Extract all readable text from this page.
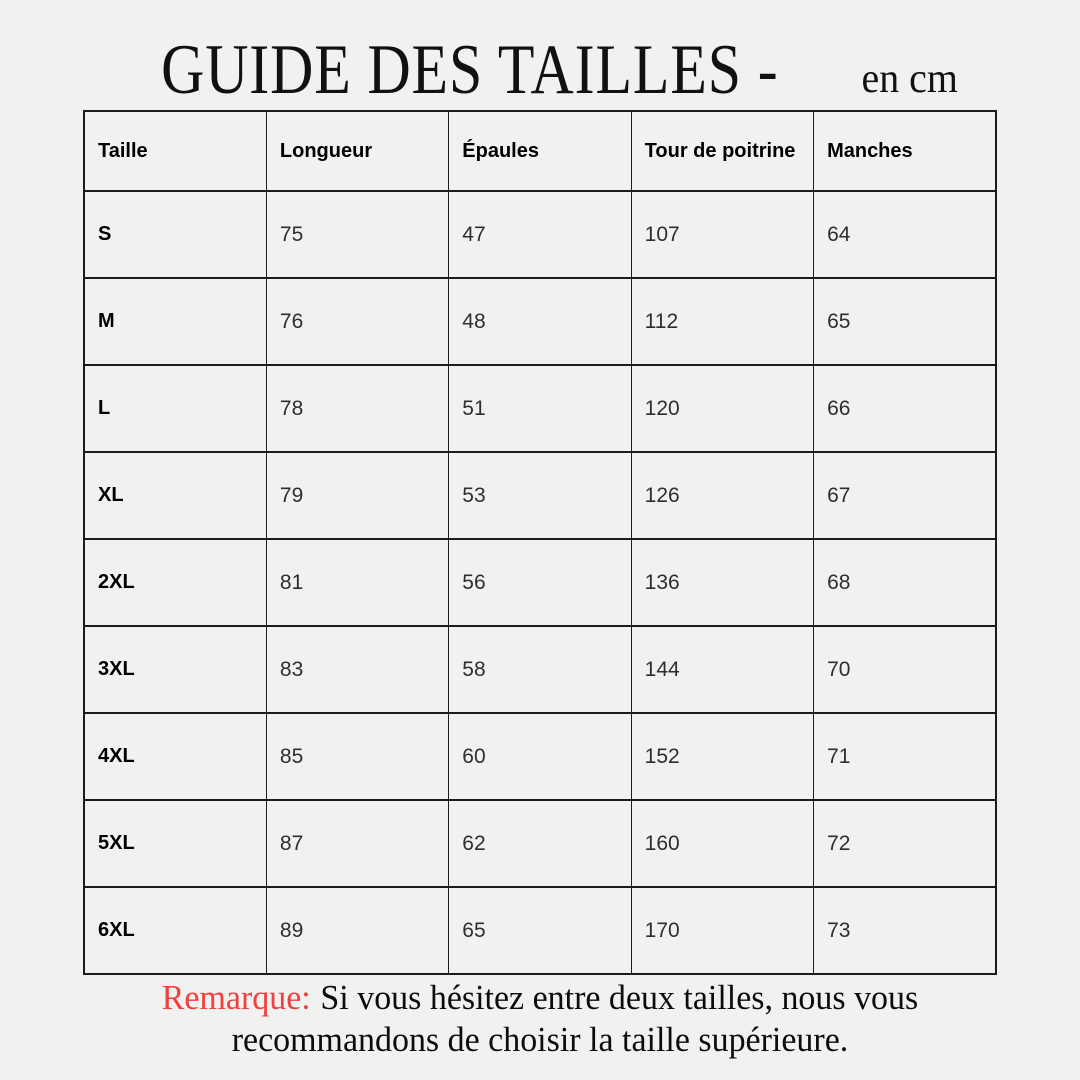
GUIDE DES TAILLES - en cm
Taille	Longueur	Épaules	Tour de poitrine	Manches
S	75	47	107	64
M	76	48	112	65
L	78	51	120	66
XL	79	53	126	67
2XL	81	56	136	68
3XL	83	58	144	70
4XL	85	60	152	71
5XL	87	62	160	72
6XL	89	65	170	73
Remarque: Si vous hésitez entre deux tailles, nous vous
recommandons de choisir la taille supérieure.
